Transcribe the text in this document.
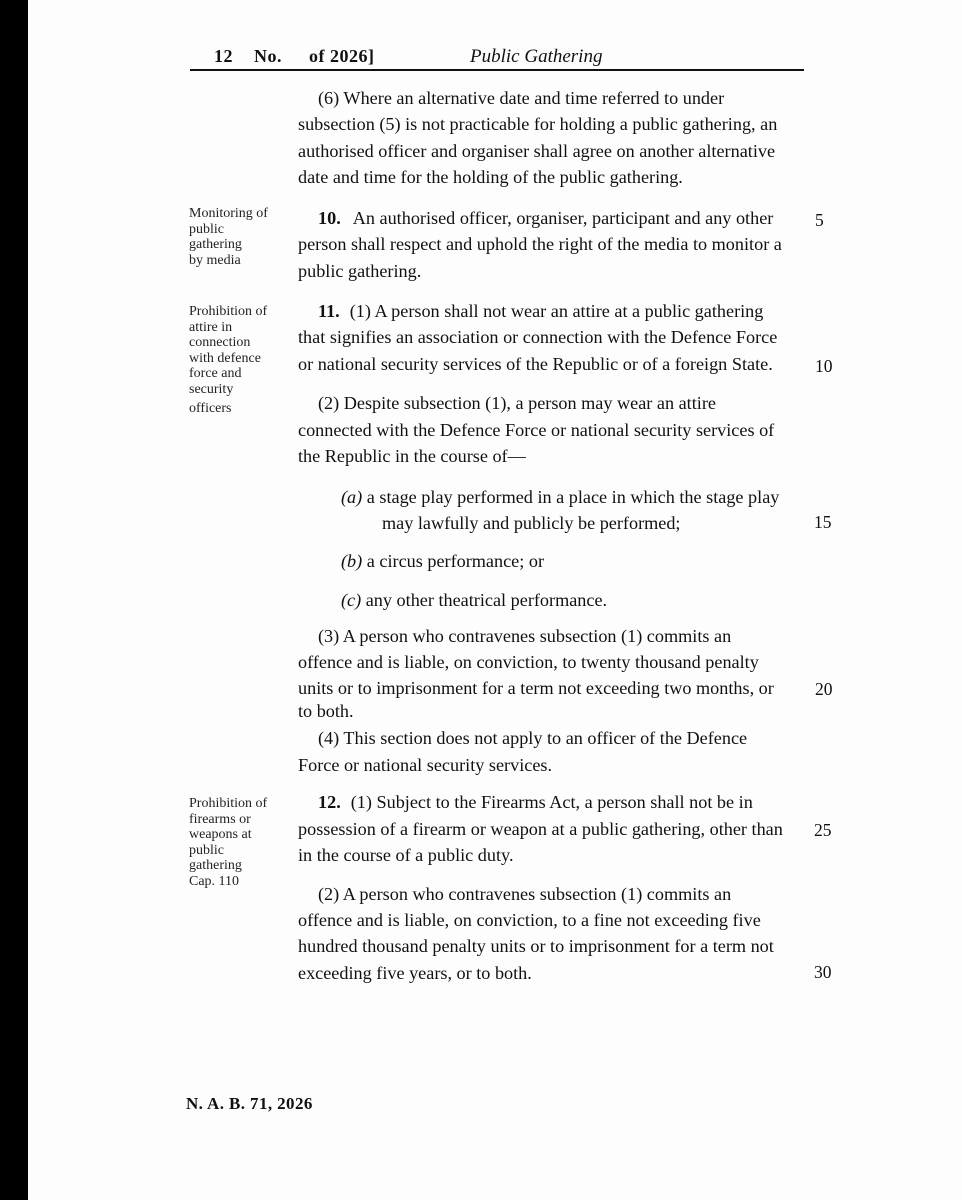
12 No. of 2026]	Public Gathering
(6) Where an alternative date and time referred to under
subsection (5) is not practicable for holding a public gathering, an
authorised officer and organiser shall agree on another alternative
date and time for the holding of the public gathering.
Monitoring of
public
gathering
by media
10. An authorised officer, organiser, participant and any other
person shall respect and uphold the right of the media to monitor a
public gathering.
5
Prohibition of
attire in
connection
with defence
force and
security
officers
11. (1) A person shall not wear an attire at a public gathering
that signifies an association or connection with the Defence Force
or national security services of the Republic or of a foreign State. 10
(2) Despite subsection (1), a person may wear an attire
connected with the Defence Force or national security services of
the Republic in the course of—
(a) a stage play performed in a place in which the stage play
may lawfully and publicly be performed;	15
(b) a circus performance; or
(c) any other theatrical performance.
(3) A person who contravenes subsection (1) commits an
offence and is liable, on conviction, to twenty thousand penalty
units or to imprisonment for a term not exceeding two months, or
to both.
20
(4) This section does not apply to an officer of the Defence
Force or national security services.
Prohibition of
firearms or
weapons at
public
gathering
Cap. 110
12. (1) Subject to the Firearms Act, a person shall not be in
possession of a firearm or weapon at a public gathering, other than
in the course of a public duty.
25
(2) A person who contravenes subsection (1) commits an
offence and is liable, on conviction, to a fine not exceeding five
hundred thousand penalty units or to imprisonment for a term not
exceeding five years, or to both.	30
N. A. B. 71, 2026
